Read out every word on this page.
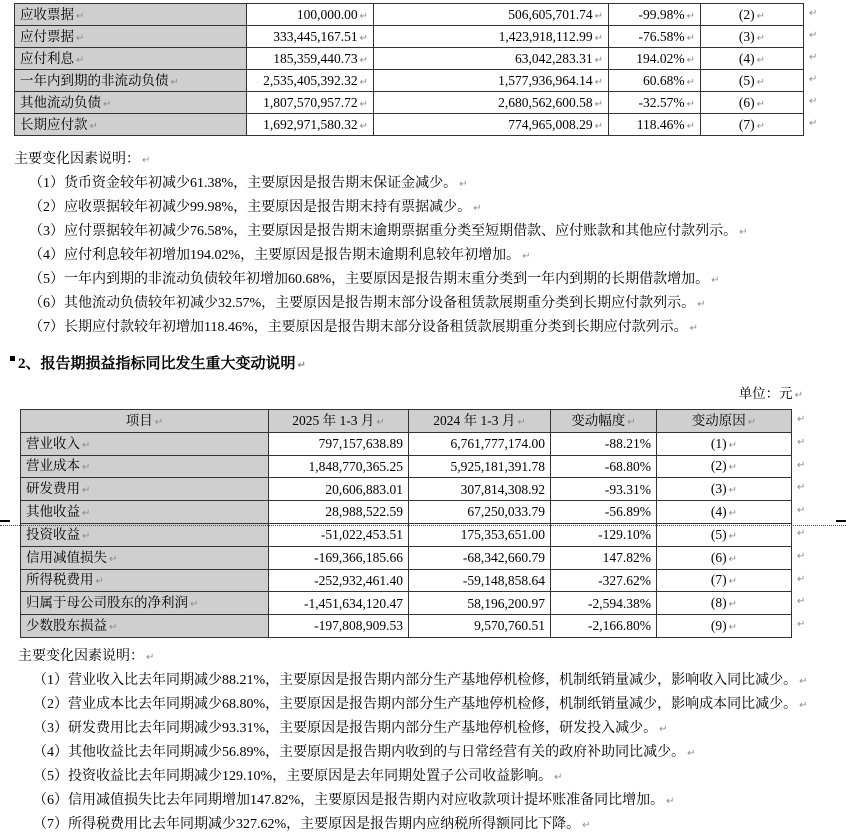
应收票据 ↵	100,000.00 ↵	506,605,701.74 ↵	-99.98% ↵	(2) ↵
应付票据 ↵	333,445,167.51 ↵	1,423,918,112.99 ↵	-76.58% ↵	(3) ↵
应付利息 ↵	185,359,440.73 ↵	63,042,283.31 ↵	194.02% ↵	(4) ↵
一年内到期的非流动负债 ↵	2,535,405,392.32 ↵	1,577,936,964.14 ↵	60.68% ↵	(5) ↵
其他流动负债 ↵	1,807,570,957.72 ↵	2,680,562,600.58 ↵	-32.57% ↵	(6) ↵
长期应付款 ↵	1,692,971,580.32 ↵	774,965,008.29 ↵	118.46% ↵	(7) ↵
↵
↵
↵
↵
↵
↵
主要变化因素说明： ↵
（1）货币资金较年初减少61.38%，主要原因是报告期末保证金减少。 ↵
（2）应收票据较年初减少99.98%，主要原因是报告期末持有票据减少。 ↵
（3）应付票据较年初减少76.58%，主要原因是报告期末逾期票据重分类至短期借款、应付账款和其他应付款列示。 ↵
（4）应付利息较年初增加194.02%，主要原因是报告期末逾期利息较年初增加。 ↵
（5）一年内到期的非流动负债较年初增加60.68%，主要原因是报告期末重分类到一年内到期的长期借款增加。 ↵
（6）其他流动负债较年初减少32.57%，主要原因是报告期末部分设备租赁款展期重分类到长期应付款列示。 ↵
（7）长期应付款较年初增加118.46%，主要原因是报告期末部分设备租赁款展期重分类到长期应付款列示。 ↵
2、报告期损益指标同比发生重大变动说明 ↵
单位：元 ↵
项目 ↵	2025 年 1-3 月 ↵	2024 年 1-3 月 ↵	变动幅度 ↵	变动原因 ↵
营业收入 ↵	797,157,638.89	6,761,777,174.00	-88.21%	(1) ↵
营业成本 ↵	1,848,770,365.25	5,925,181,391.78	-68.80%	(2) ↵
研发费用 ↵	20,606,883.01	307,814,308.92	-93.31%	(3) ↵
其他收益 ↵	28,988,522.59	67,250,033.79	-56.89%	(4) ↵
投资收益 ↵	-51,022,453.51	175,353,651.00	-129.10%	(5) ↵
信用减值损失 ↵	-169,366,185.66	-68,342,660.79	147.82%	(6) ↵
所得税费用 ↵	-252,932,461.40	-59,148,858.64	-327.62%	(7) ↵
归属于母公司股东的净利润 ↵	-1,451,634,120.47	58,196,200.97	-2,594.38%	(8) ↵
少数股东损益 ↵	-197,808,909.53	9,570,760.51	-2,166.80%	(9) ↵
↵
↵
↵
↵
↵
↵
↵
↵
↵
↵
主要变化因素说明： ↵
（1）营业收入比去年同期减少88.21%，主要原因是报告期内部分生产基地停机检修，机制纸销量减少，影响收入同比减少。 ↵
（2）营业成本比去年同期减少68.80%，主要原因是报告期内部分生产基地停机检修，机制纸销量减少，影响成本同比减少。 ↵
（3）研发费用比去年同期减少93.31%，主要原因是报告期内部分生产基地停机检修，研发投入减少。 ↵
（4）其他收益比去年同期减少56.89%，主要原因是报告期内收到的与日常经营有关的政府补助同比减少。 ↵
（5）投资收益比去年同期减少129.10%，主要原因是去年同期处置子公司收益影响。 ↵
（6）信用减值损失比去年同期增加147.82%，主要原因是报告期内对应收款项计提坏账准备同比增加。 ↵
（7）所得税费用比去年同期减少327.62%，主要原因是报告期内应纳税所得额同比下降。 ↵
